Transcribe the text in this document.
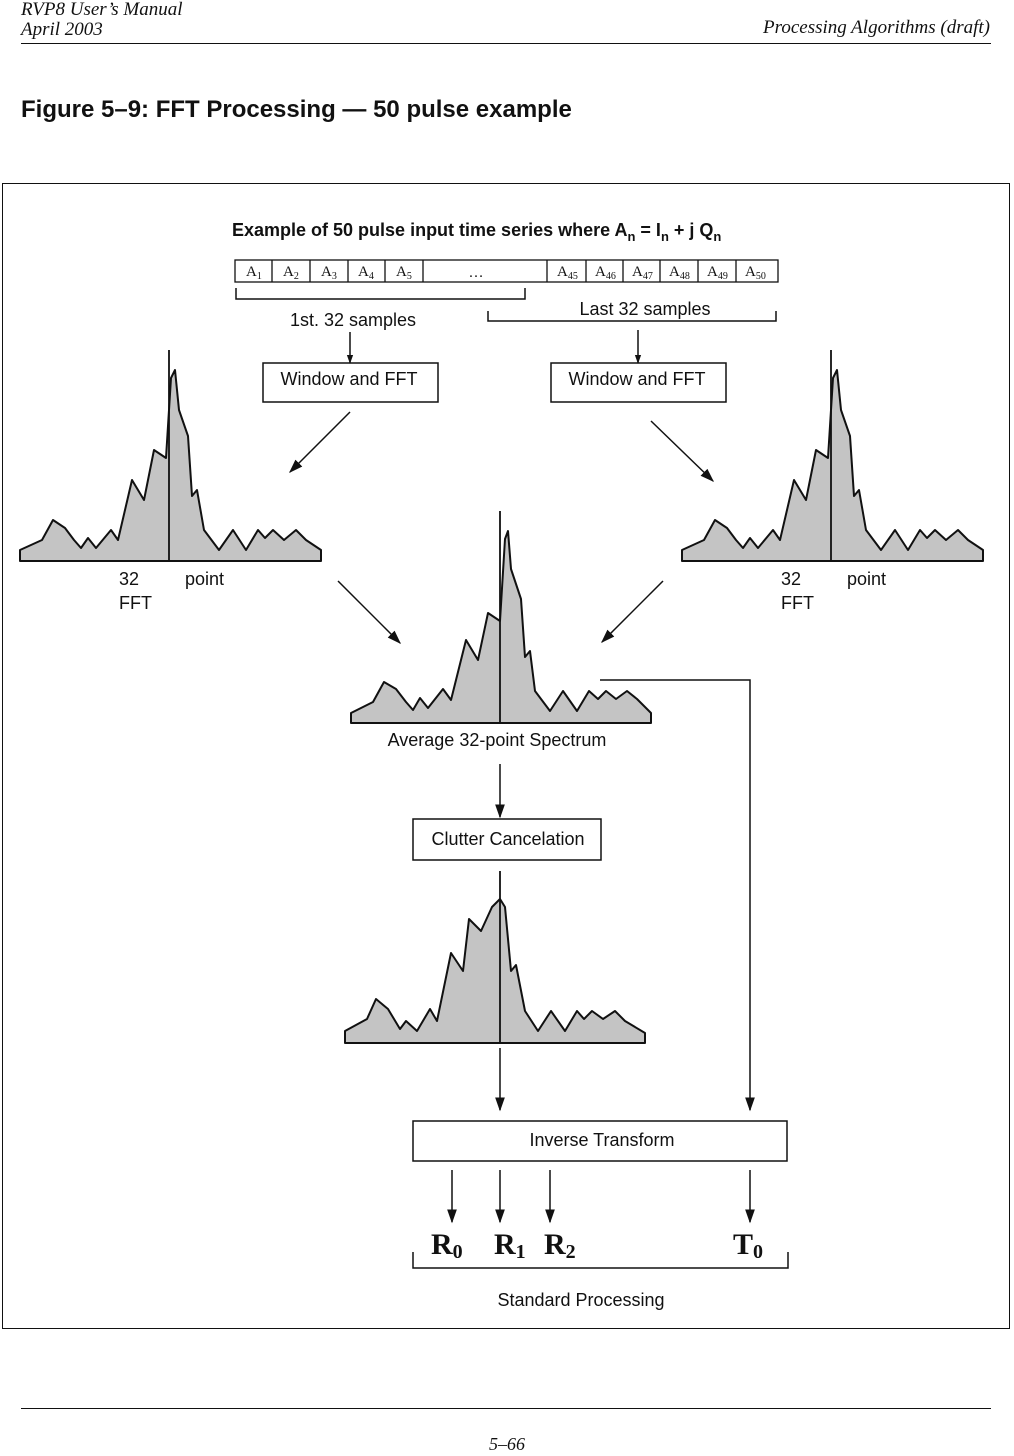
RVP8 User’s Manual
April 2003	Processing Algorithms (draft)
Figure 5–9: FFT Processing — 50 pulse example
Example of 50 pulse input time series where $A_n = I_n + j$ $Q_n$
$A_1$ $A_2$ $A_3$ $A_4$ $A_5$	…	$A_{45}$ $A_{46}$ $A_{47}$ $A_{48}$ $A_{49}$ $A_{50}$
1st. 32 samples
Last 32 samples
Window and FFT	Window and FFT
32	point
FFT
32	point
FFT
Average 32-point Spectrum
Clutter Cancelation
Inverse Transform
R0 R1 R2	T0
Standard Processing
5–66
